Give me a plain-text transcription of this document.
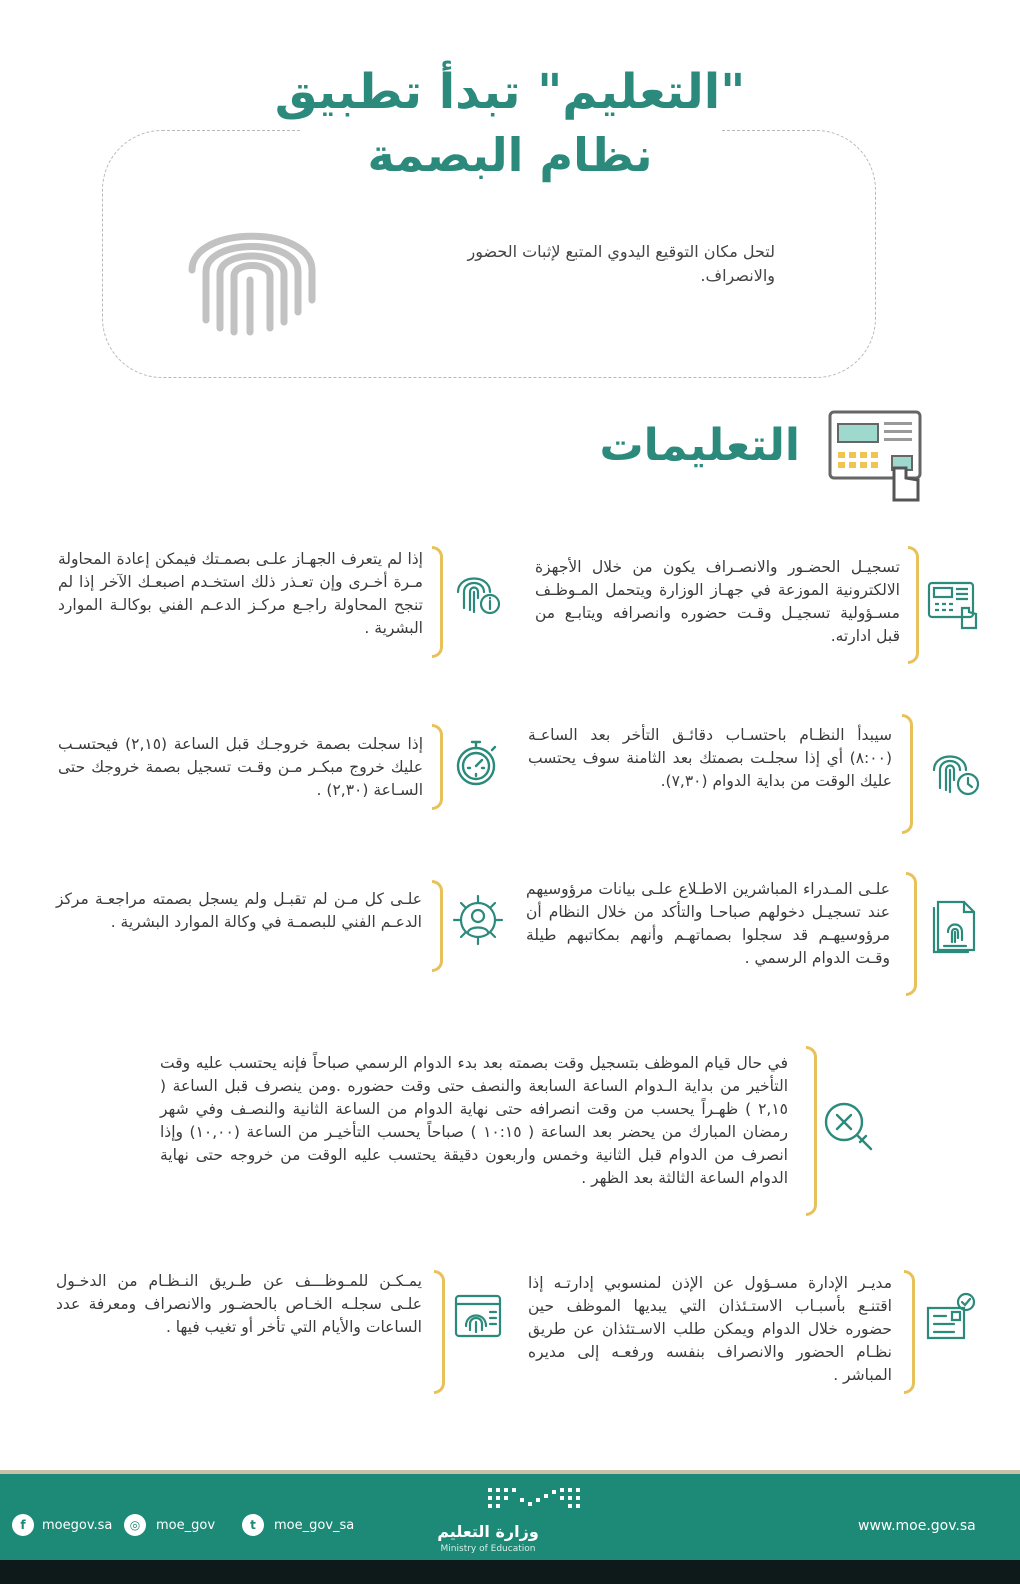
"التعليم" تبدأ تطبيق
نظام البصمة
لتحل مكان التوقيع اليدوي المتبع لإثبات الحضور والانصراف.
التعليمات
تسجيـل الحضـور والانصـراف يكون من خلال الأجهزة الالكترونية الموزعة في جهـاز الوزارة ويتحمل المـوظـف مسـؤولية تسجيـل وقـت حضوره وانصرافه ويتابـع من قبل ادارته.
إذا لم يتعرف الجهـاز علـى بصمـتك فيمكن إعادة المحاولة مـرة أخـرى وإن تعـذر ذلك استخـدم اصبعـك الآخر إذا لم تنجح المحاولة راجـع مركـز الدعـم الفني بوكالـة الموارد البشرية .
سيبدأ النظـام باحتسـاب دقائـق التأخر بعد الساعـة (٨:٠٠) أي إذا سجلـت بصمتك بعد الثامنة سوف يحتسب عليك الوقت من بداية الدوام (٧,٣٠).
إذا سجلت بصمة خروجـك قبل الساعة (٢,١٥) فيحتسـب عليك خروج مبكـر مـن وقـت تسجيل بصمة خروجك حتى السـاعة (٢,٣٠) .
علـى المـدراء المباشرين الاطـلاع علـى بيانات مرؤوسيهم عند تسجيـل دخولهم صباحـا والتأكد من خلال النظام أن مرؤوسيهـم قد سجلوا بصماتهـم وأنهم بمكاتبهم طيلة وقـت الدوام الرسمي .
علـى كل مـن لم تقبـل ولم يسجل بصمته مراجعـة مركز الدعـم الفني للبصمـة في وكالة الموارد البشرية .
في حال قيام الموظف بتسجيل وقت بصمته بعد بدء الدوام الرسمي صباحاً فإنه يحتسب عليه وقت التأخير من بداية الـدوام الساعة السابعة والنصف حتى وقت حضوره .ومن ينصرف قبل الساعة ( ٢,١٥ ) ظهـراً يحسب من وقت انصرافه حتى نهاية الدوام من الساعة الثانية والنصـف وفي شهر رمضان المبارك من يحضر بعد الساعة ( ١٠:١٥ ) صباحاً يحسب التأخيـر من الساعة (١٠,٠٠) وإذا انصرف من الدوام قبل الثانية وخمس واربعون دقيقة يحتسب عليه الوقت من خروجه حتى نهاية الدوام الساعة الثالثة بعد الظهر .
مديـر الإدارة مسـؤول عن الإذن لمنسوبي إدارتـه إذا اقتنـع بأسبـاب الاستـئذان التي يبديها الموظف حين حضوره خلال الدوام ويمكن طلب الاسـتئذان عن طريق نظـام الحضور والانصراف بنفسه ورفعـه إلى مديره المباشر .
يمـكـن للمـوظـــف عن طـريق النـظـام من الدخـول علـى سجلـه الخـاص بالحضـور والانصراف ومعرفة عدد الساعات والأيام التي تأخر أو تغيب فيها .
f	moegov.sa	◎	moe_gov	t	moe_gov_sa	وزارة التعليم
Ministry of Education
www.moe.gov.sa
